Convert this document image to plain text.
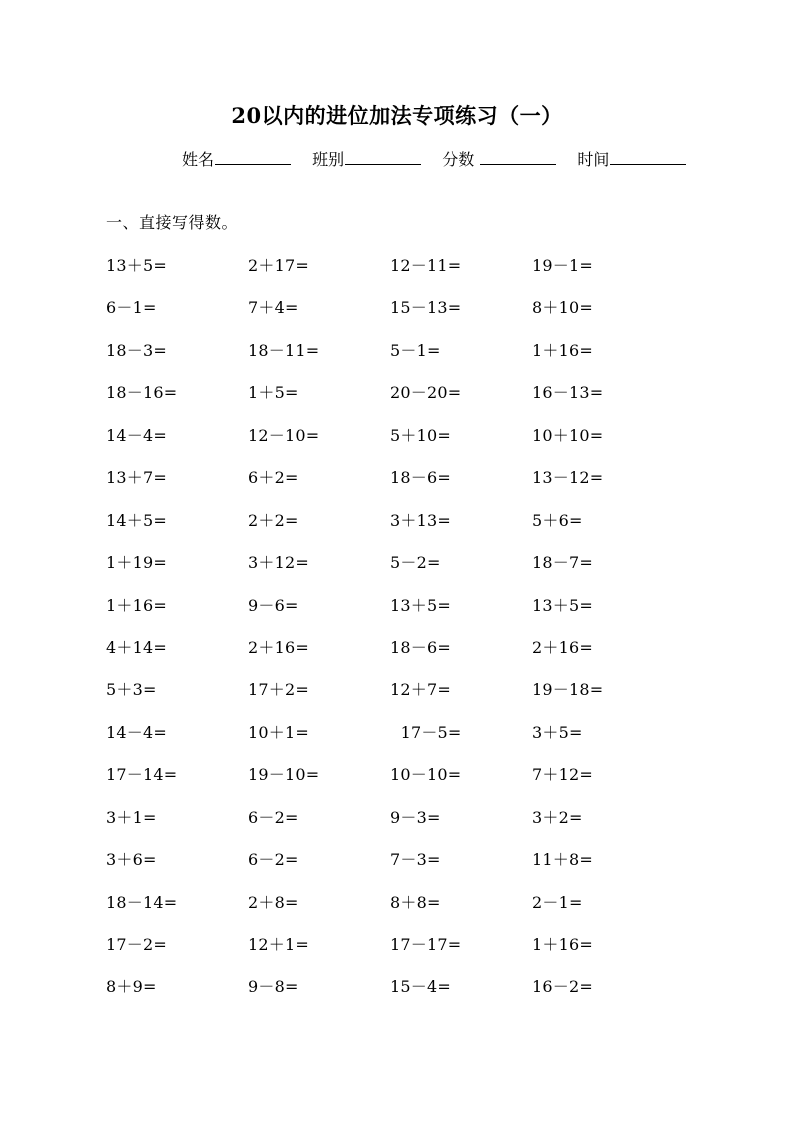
20以内的进位加法专项练习（一）
姓名	班别	分数	时间
一、直接写得数。
13＋5=	2＋17=	12－11=	19－1=
6－1=	7＋4=	15－13=	8＋10=
18－3=	18－11=	5－1=	1＋16=
18－16=	1＋5=	20－20=	16－13=
14－4=	12－10=	5＋10=	10＋10=
13＋7=	6＋2=	18－6=	13－12=
14＋5=	2＋2=	3＋13=	5＋6=
1＋19=	3＋12=	5－2=	18－7=
1＋16=	9－6=	13＋5=	13＋5=
4＋14=	2＋16=	18－6=	2＋16=
5＋3=	17＋2=	12＋7=	19－18=
14－4=	10＋1=	17－5=	3＋5=
17－14=	19－10=	10－10=	7＋12=
3＋1=	6－2=	9－3=	3＋2=
3＋6=	6－2=	7－3=	11＋8=
18－14=	2＋8=	8＋8=	2－1=
17－2=	12＋1=	17－17=	1＋16=
8＋9=	9－8=	15－4=	16－2=
